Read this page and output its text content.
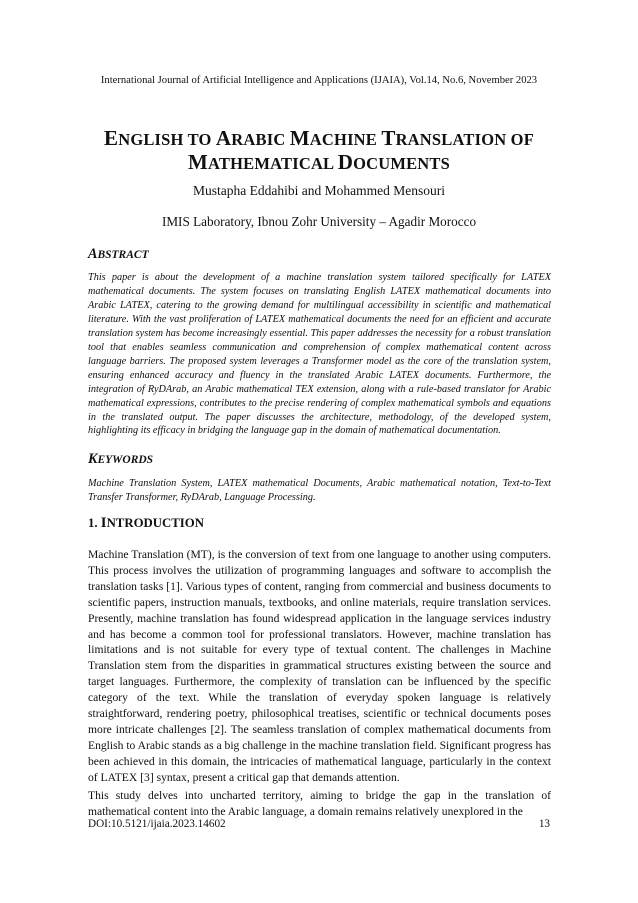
International Journal of Artificial Intelligence and Applications (IJAIA), Vol.14, No.6, November 2023
ENGLISH TO ARABIC MACHINE TRANSLATION OF
MATHEMATICAL DOCUMENTS
Mustapha Eddahibi and Mohammed Mensouri
IMIS Laboratory, Ibnou Zohr University – Agadir Morocco
ABSTRACT

This paper is about the development of a machine translation system tailored specifically for LATEX mathematical documents. The system focuses on translating English LATEX mathematical documents into Arabic LATEX, catering to the growing demand for multilingual accessibility in scientific and mathematical literature. With the vast proliferation of LATEX mathematical documents the need for an efficient and accurate translation system has become increasingly essential. This paper addresses the necessity for a robust translation tool that enables seamless communication and comprehension of complex mathematical content across language barriers. The proposed system leverages a Transformer model as the core of the translation system, ensuring enhanced accuracy and fluency in the translated Arabic LATEX documents. Furthermore, the integration of RyDArab, an Arabic mathematical TEX extension, along with a rule-based translator for Arabic mathematical expressions, contributes to the precise rendering of complex mathematical symbols and equations in the translated output. The paper discusses the architecture, methodology, of the developed system, highlighting its efficacy in bridging the language gap in the domain of mathematical documentation.

KEYWORDS

Machine Translation System, LATEX mathematical Documents, Arabic mathematical notation, Text-to-Text Transfer Transformer, RyDArab, Language Processing.

1. INTRODUCTION

Machine Translation (MT), is the conversion of text from one language to another using computers. This process involves the utilization of programming languages and software to accomplish the translation tasks [1]. Various types of content, ranging from commercial and business documents to scientific papers, instruction manuals, textbooks, and online materials, require translation services. Presently, machine translation has found widespread application in the language services industry and has become a common tool for professional translators. However, machine translation has limitations and is not suitable for every type of textual content. The challenges in Machine Translation stem from the disparities in grammatical structures existing between the source and target languages. Furthermore, the complexity of translation can be influenced by the specific category of the text. While the translation of everyday spoken language is relatively straightforward, rendering poetry, philosophical treatises, scientific or technical documents poses more intricate challenges [2]. The seamless translation of complex mathematical documents from English to Arabic stands as a big challenge in the machine translation field. Significant progress has been achieved in this domain, the intricacies of mathematical language, particularly in the context of LATEX [3] syntax, present a critical gap that demands attention.

This study delves into uncharted territory, aiming to bridge the gap in the translation of mathematical content into the Arabic language, a domain remains relatively unexplored in the

DOI:10.5121/ijaia.2023.14602	13
